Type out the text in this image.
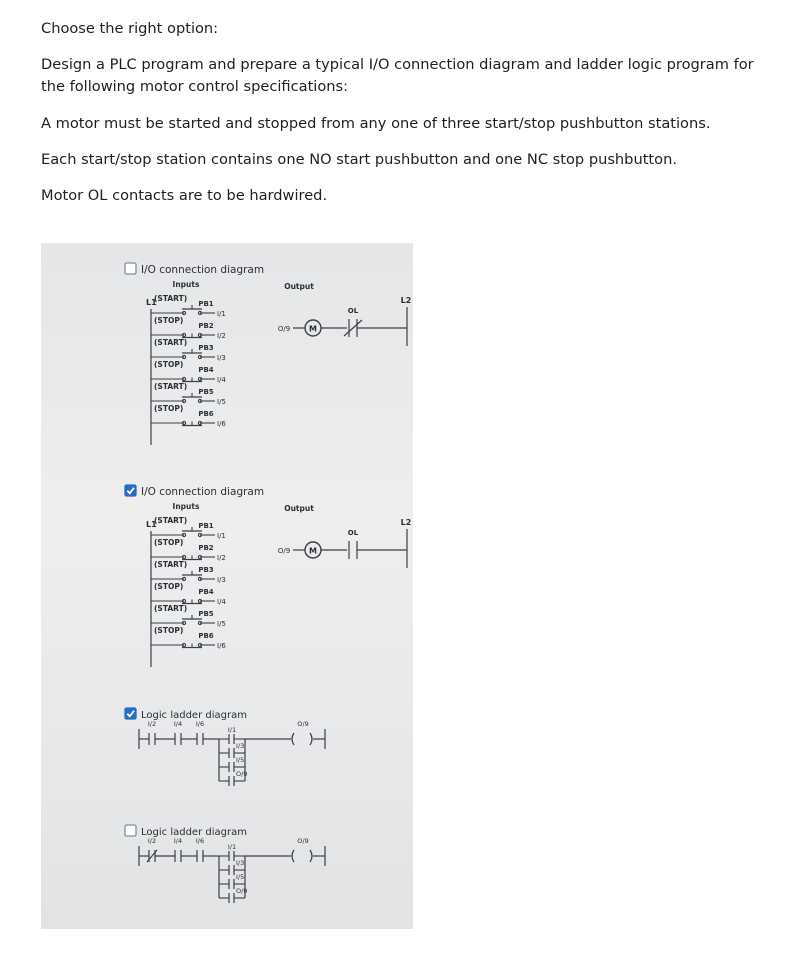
Choose the right option:

Design a PLC program and prepare a typical I/O connection diagram and ladder logic program for the following motor control specifications:

A motor must be started and stopped from any one of three start/stop pushbutton stations.

Each start/stop station contains one NO start pushbutton and one NC stop pushbutton.

Motor OL contacts are to be hardwired.

I/O connection diagram
Inputs	Output
L1	L2
(START)
PB1
I/1
(STOP)
PB2
I/2
(START)
PB3
I/3
(STOP)
PB4
I/4
(START)
PB5
I/5
(STOP)
PB6
I/6
O/9 M
OL
I/O connection diagram
Inputs	Output
L1	L2
(START)
PB1
I/1
(STOP)
PB2
I/2
(START)
PB3
I/3
(STOP)
PB4
I/4
(START)
PB5
I/5
(STOP)
PB6
I/6
O/9 M
OL
Logic ladder diagram
I/2	I/4 I/6
I/1
I/3
I/5
O/9
O/9
Logic ladder diagram
I/2	I/4 I/6
I/1
I/3
I/5
O/9
O/9
